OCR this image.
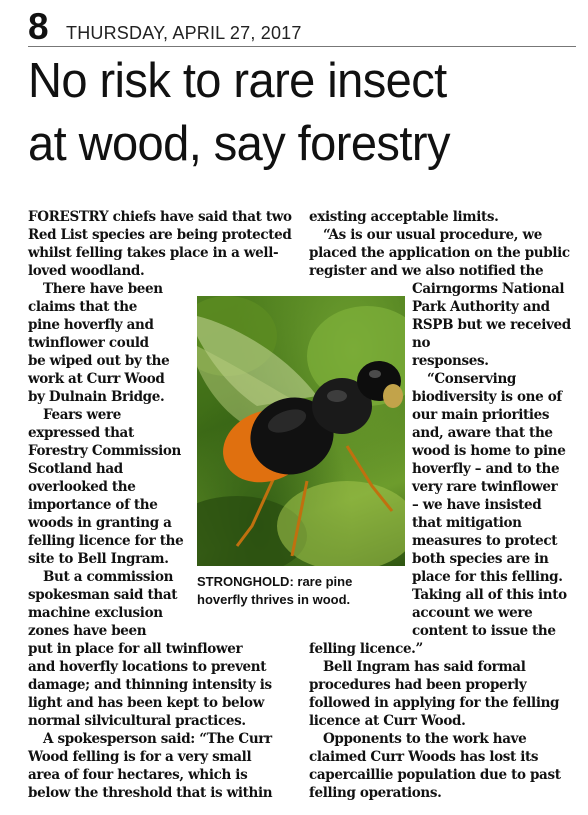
8 THURSDAY, APRIL 27, 2017
No risk to rare insect
at wood, say forestry
FORESTRY chiefs have said that two
Red List species are being protected
whilst felling takes place in a well-
loved woodland.
There have been
claims that the
pine hoverfly and
twinflower could
be wiped out by the
work at Curr Wood
by Dulnain Bridge.
Fears were
expressed that
Forestry Commission
Scotland had
overlooked the
importance of the
woods in granting a
felling licence for the
site to Bell Ingram.
But a commission
spokesman said that
machine exclusion
zones have been
put in place for all twinflower
and hoverfly locations to prevent
damage; and thinning intensity is
light and has been kept to below
normal silvicultural practices.
A spokesperson said: “The Curr
Wood felling is for a very small
area of four hectares, which is
below the threshold that is within
existing acceptable limits.
“As is our usual procedure, we
placed the application on the public
register and we also notified the
Cairngorms National
Park Authority and
RSPB but we received
no
responses.
“Conserving
biodiversity is one of
our main priorities
and, aware that the
wood is home to pine
hoverfly – and to the
very rare twinflower
– we have insisted
that mitigation
measures to protect
both species are in
place for this felling.
Taking all of this into
account we were
content to issue the
felling licence.”
Bell Ingram has said formal
procedures had been properly
followed in applying for the felling
licence at Curr Wood.
Opponents to the work have
claimed Curr Woods has lost its
capercaillie population due to past
felling operations.
STRONGHOLD: rare pine
hoverfly thrives in wood.
